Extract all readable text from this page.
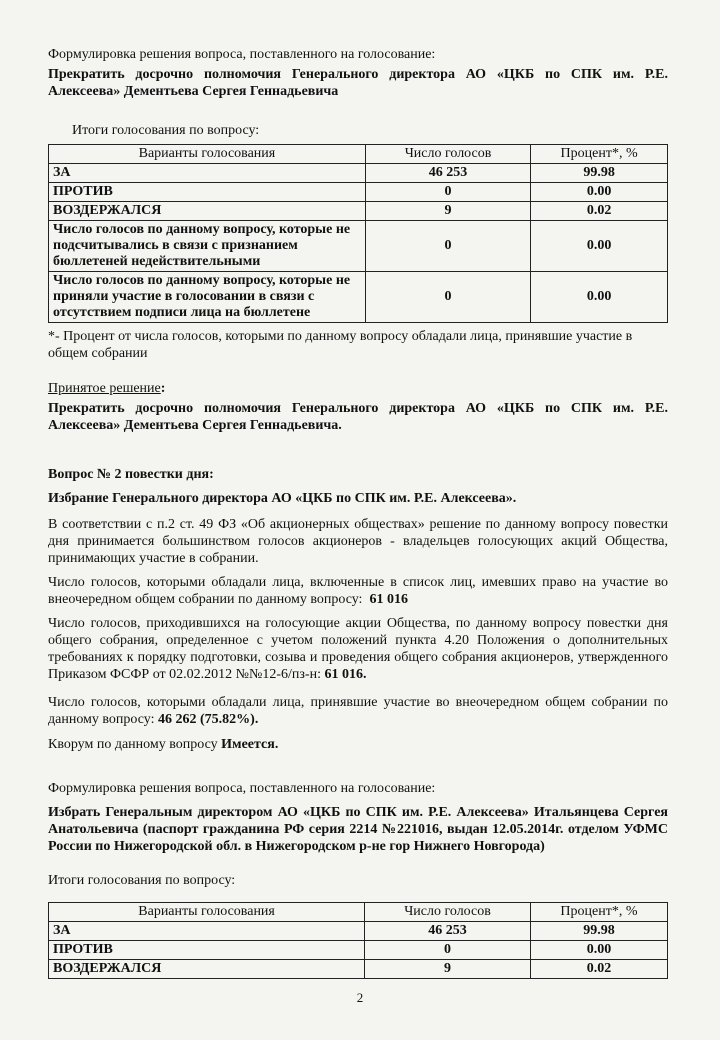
Формулировка решения вопроса, поставленного на голосование:

Прекратить досрочно полномочия Генерального директора АО «ЦКБ по СПК им. Р.Е. Алексеева» Дементьева Сергея Геннадьевича

Итоги голосования по вопросу:

Варианты голосования	Число голосов	Процент*, %
ЗА	46 253	99.98
ПРОТИВ	0	0.00
ВОЗДЕРЖАЛСЯ	9	0.02
Число голосов по данному вопросу, которые не подсчитывались в связи с признанием бюллетеней недействительными	0	0.00
Число голосов по данному вопросу, которые не приняли участие в голосовании в связи с отсутствием подписи лица на бюллетене	0	0.00

*- Процент от числа голосов, которыми по данному вопросу обладали лица, принявшие участие в общем собрании

Принятое решение:

Прекратить досрочно полномочия Генерального директора АО «ЦКБ по СПК им. Р.Е. Алексеева» Дементьева Сергея Геннадьевича.

Вопрос № 2 повестки дня:

Избрание Генерального директора АО «ЦКБ по СПК им. Р.Е. Алексеева».

В соответствии с п.2 ст. 49 ФЗ «Об акционерных обществах» решение по данному вопросу повестки дня принимается большинством голосов акционеров - владельцев голосующих акций Общества, принимающих участие в собрании.

Число голосов, которыми обладали лица, включенные в список лиц, имевших право на участие во внеочередном общем собрании по данному вопросу: 61 016

Число голосов, приходившихся на голосующие акции Общества, по данному вопросу повестки дня общего собрания, определенное с учетом положений пункта 4.20 Положения о дополнительных требованиях к порядку подготовки, созыва и проведения общего собрания акционеров, утвержденного Приказом ФСФР от 02.02.2012 №№12-6/пз-н: 61 016.

Число голосов, которыми обладали лица, принявшие участие во внеочередном общем собрании по данному вопросу: 46 262 (75.82%).

Кворум по данному вопросу Имеется.

Формулировка решения вопроса, поставленного на голосование:

Избрать Генеральным директором АО «ЦКБ по СПК им. Р.Е. Алексеева» Итальянцева Сергея Анатольевича (паспорт гражданина РФ серия 2214 №221016, выдан 12.05.2014г. отделом УФМС России по Нижегородской обл. в Нижегородском р-не гор Нижнего Новгорода)

Итоги голосования по вопросу:

Варианты голосования	Число голосов	Процент*, %
ЗА	46 253	99.98
ПРОТИВ	0	0.00
ВОЗДЕРЖАЛСЯ	9	0.02
2
